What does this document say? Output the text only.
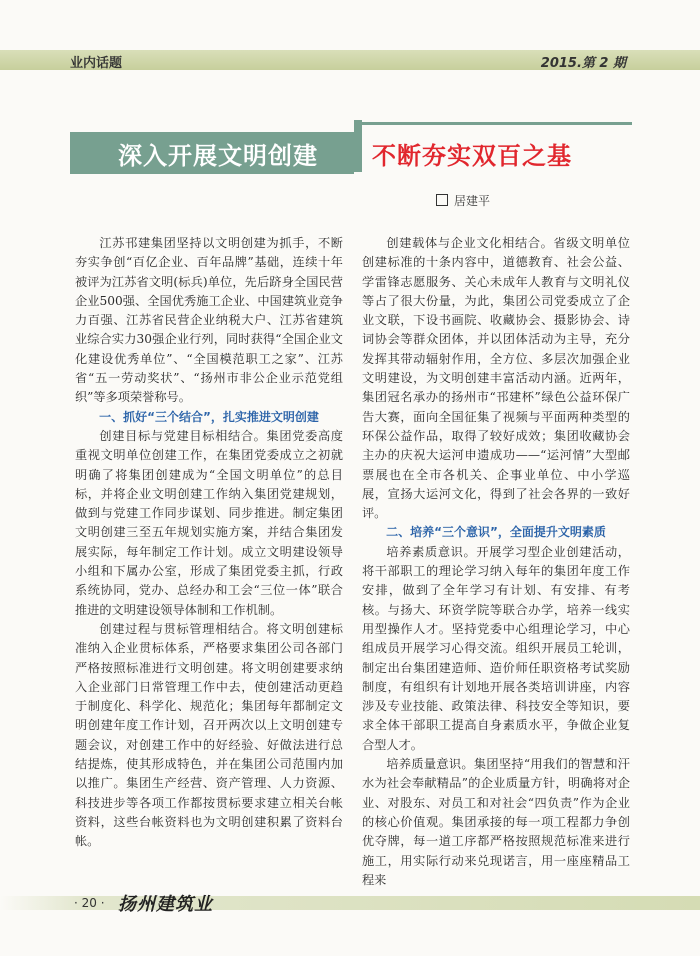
业内话题	2015.第 2 期
深入开展文明创建 不断夯实双百之基
居建平

江苏邗建集团坚持以文明创建为抓手，不断夯实争创“百亿企业、百年品牌”基础，连续十年被评为江苏省文明(标兵)单位，先后跻身全国民营企业500强、全国优秀施工企业、中国建筑业竞争力百强、江苏省民营企业纳税大户、江苏省建筑业综合实力30强企业行列，同时获得“全国企业文化建设优秀单位”、“全国模范职工之家”、江苏省“五一劳动奖状”、“扬州市非公企业示范党组织”等多项荣誉称号。

一、抓好“三个结合”，扎实推进文明创建

创建目标与党建目标相结合。集团党委高度重视文明单位创建工作，在集团党委成立之初就明确了将集团创建成为“全国文明单位”的总目标，并将企业文明创建工作纳入集团党建规划，做到与党建工作同步谋划、同步推进。制定集团文明创建三至五年规划实施方案，并结合集团发展实际，每年制定工作计划。成立文明建设领导小组和下属办公室，形成了集团党委主抓，行政系统协同，党办、总经办和工会“三位一体”联合推进的文明建设领导体制和工作机制。

创建过程与贯标管理相结合。将文明创建标准纳入企业贯标体系，严格要求集团公司各部门严格按照标准进行文明创建。将文明创建要求纳入企业部门日常管理工作中去，使创建活动更趋于制度化、科学化、规范化；集团每年都制定文明创建年度工作计划，召开两次以上文明创建专题会议，对创建工作中的好经验、好做法进行总结提炼，使其形成特色，并在集团公司范围内加以推广。集团生产经营、资产管理、人力资源、科技进步等各项工作都按贯标要求建立相关台帐资料，这些台帐资料也为文明创建积累了资料台帐。

创建载体与企业文化相结合。省级文明单位创建标准的十条内容中，道德教育、社会公益、学雷锋志愿服务、关心未成年人教育与文明礼仪等占了很大份量，为此，集团公司党委成立了企业文联，下设书画院、收藏协会、摄影协会、诗词协会等群众团体，并以团体活动为主导，充分发挥其带动辐射作用，全方位、多层次加强企业文明建设，为文明创建丰富活动内涵。近两年，集团冠名承办的扬州市“邗建杯”绿色公益环保广告大赛，面向全国征集了视频与平面两种类型的环保公益作品，取得了较好成效；集团收藏协会主办的庆祝大运河申遗成功——“运河情”大型邮票展也在全市各机关、企事业单位、中小学巡展，宣扬大运河文化，得到了社会各界的一致好评。

二、培养“三个意识”，全面提升文明素质

培养素质意识。开展学习型企业创建活动，将干部职工的理论学习纳入每年的集团年度工作安排，做到了全年学习有计划、有安排、有考核。与扬大、环资学院等联合办学，培养一线实用型操作人才。坚持党委中心组理论学习，中心组成员开展学习心得交流。组织开展员工轮训，制定出台集团建造师、造价师任职资格考试奖励制度，有组织有计划地开展各类培训讲座，内容涉及专业技能、政策法律、科技安全等知识，要求全体干部职工提高自身素质水平，争做企业复合型人才。

培养质量意识。集团坚持“用我们的智慧和汗水为社会奉献精品”的企业质量方针，明确将对企业、对股东、对员工和对社会“四负责”作为企业的核心价值观。集团承接的每一项工程都力争创优夺牌，每一道工序都严格按照规范标准来进行施工，用实际行动来兑现诺言，用一座座精品工程来

· 20 · 扬州建筑业
